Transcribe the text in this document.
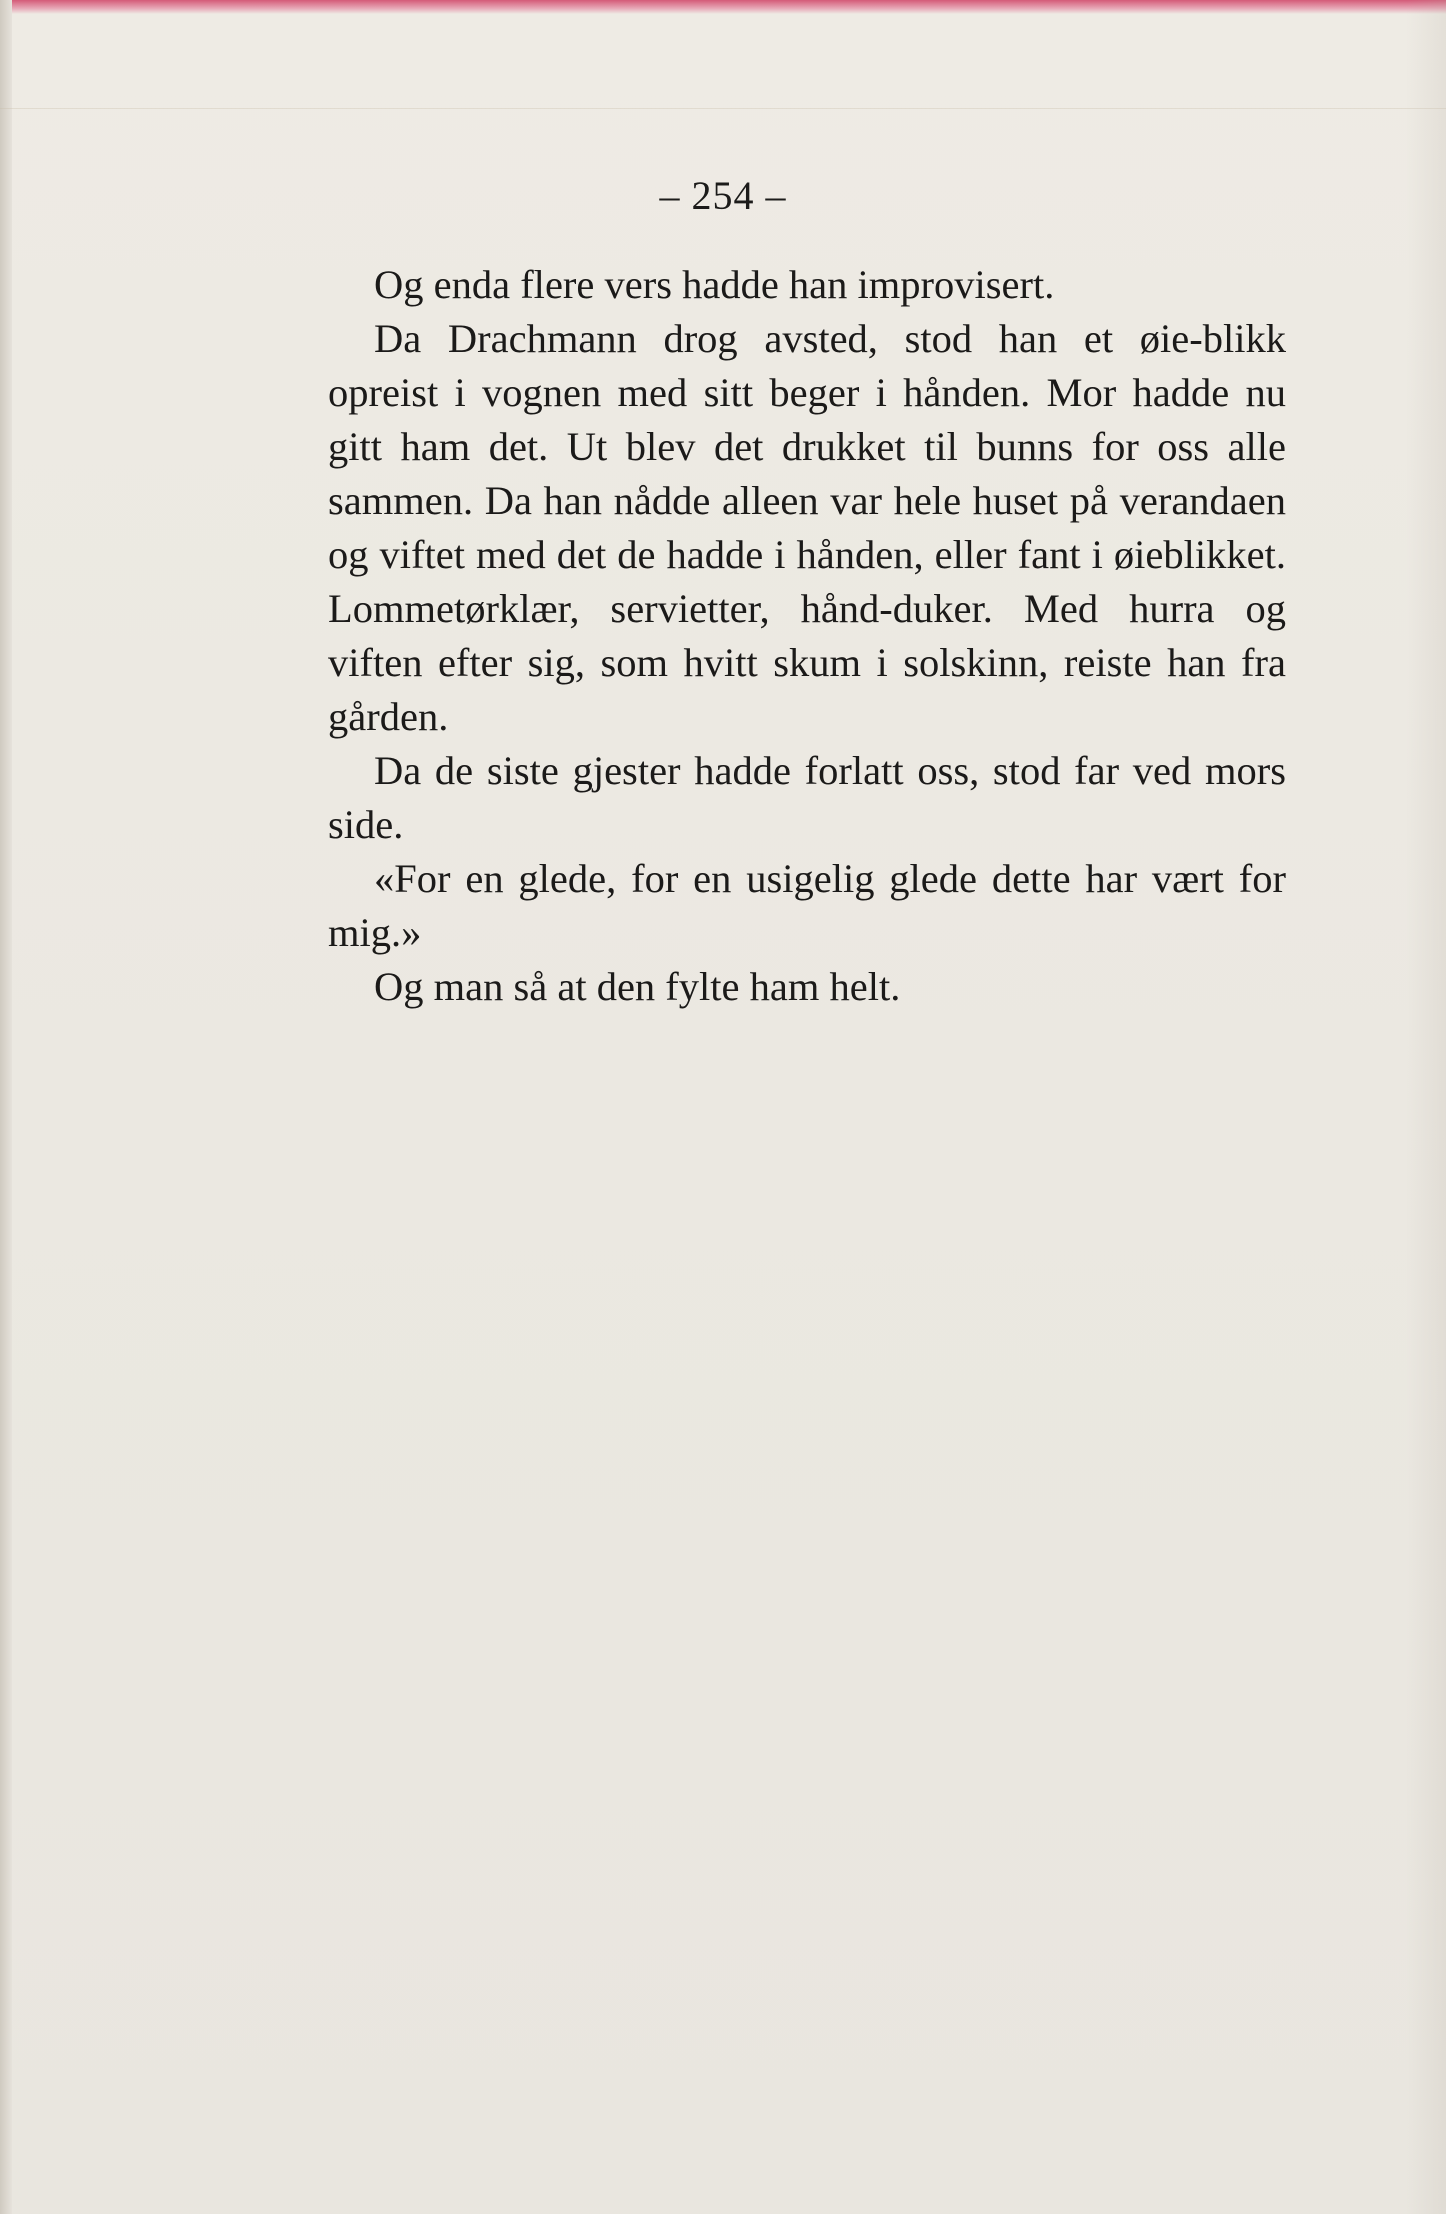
– 254 –

Og enda flere vers hadde han improvisert.

Da Drachmann drog avsted, stod han et øie‐blikk opreist i vognen med sitt beger i hånden. Mor hadde nu gitt ham det. Ut blev det drukket til bunns for oss alle sammen. Da han nådde alleen var hele huset på verandaen og viftet med det de hadde i hånden, eller fant i øieblikket. Lommetørklær, servietter, hånd‐duker. Med hurra og viften efter sig, som hvitt skum i solskinn, reiste han fra gården.

Da de siste gjester hadde forlatt oss, stod far ved mors side.

«For en glede, for en usigelig glede dette har vært for mig.»

Og man så at den fylte ham helt.
